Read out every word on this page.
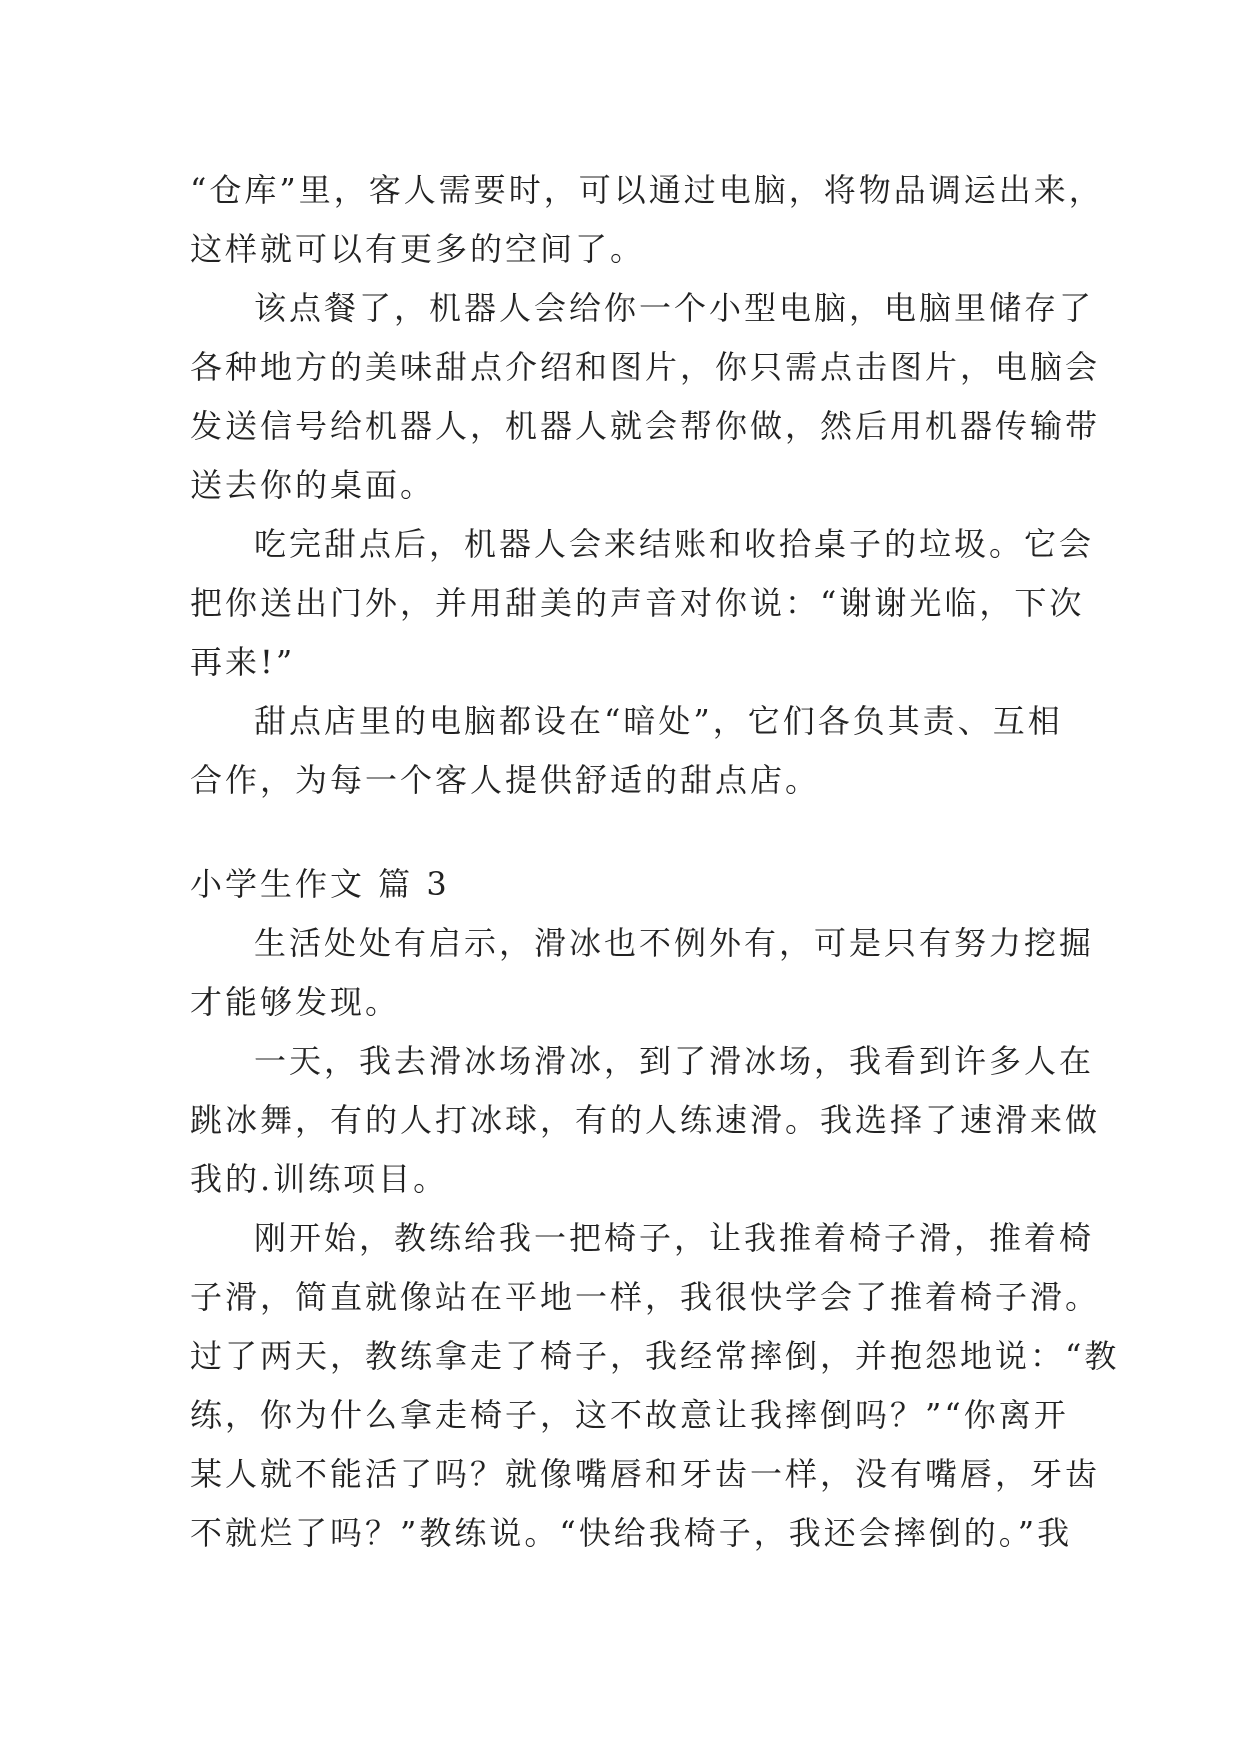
“仓库”里，客人需要时，可以通过电脑，将物品调运出来，
这样就可以有更多的空间了。
该点餐了，机器人会给你一个小型电脑，电脑里储存了
各种地方的美味甜点介绍和图片，你只需点击图片，电脑会
发送信号给机器人，机器人就会帮你做，然后用机器传输带
送去你的桌面。
吃完甜点后，机器人会来结账和收拾桌子的垃圾。它会
把你送出门外，并用甜美的声音对你说：“谢谢光临，下次
再来!”
甜点店里的电脑都设在“暗处”，它们各负其责、互相
合作，为每一个客人提供舒适的甜点店。
小学生作文 篇 3
生活处处有启示，滑冰也不例外有，可是只有努力挖掘
才能够发现。
一天，我去滑冰场滑冰，到了滑冰场，我看到许多人在
跳冰舞，有的人打冰球，有的人练速滑。我选择了速滑来做
我的.训练项目。
刚开始，教练给我一把椅子，让我推着椅子滑，推着椅
子滑，简直就像站在平地一样，我很快学会了推着椅子滑。
过了两天，教练拿走了椅子，我经常摔倒，并抱怨地说：“教
练，你为什么拿走椅子，这不故意让我摔倒吗？”“你离开
某人就不能活了吗？就像嘴唇和牙齿一样，没有嘴唇，牙齿
不就烂了吗？”教练说。“快给我椅子，我还会摔倒的。”我
